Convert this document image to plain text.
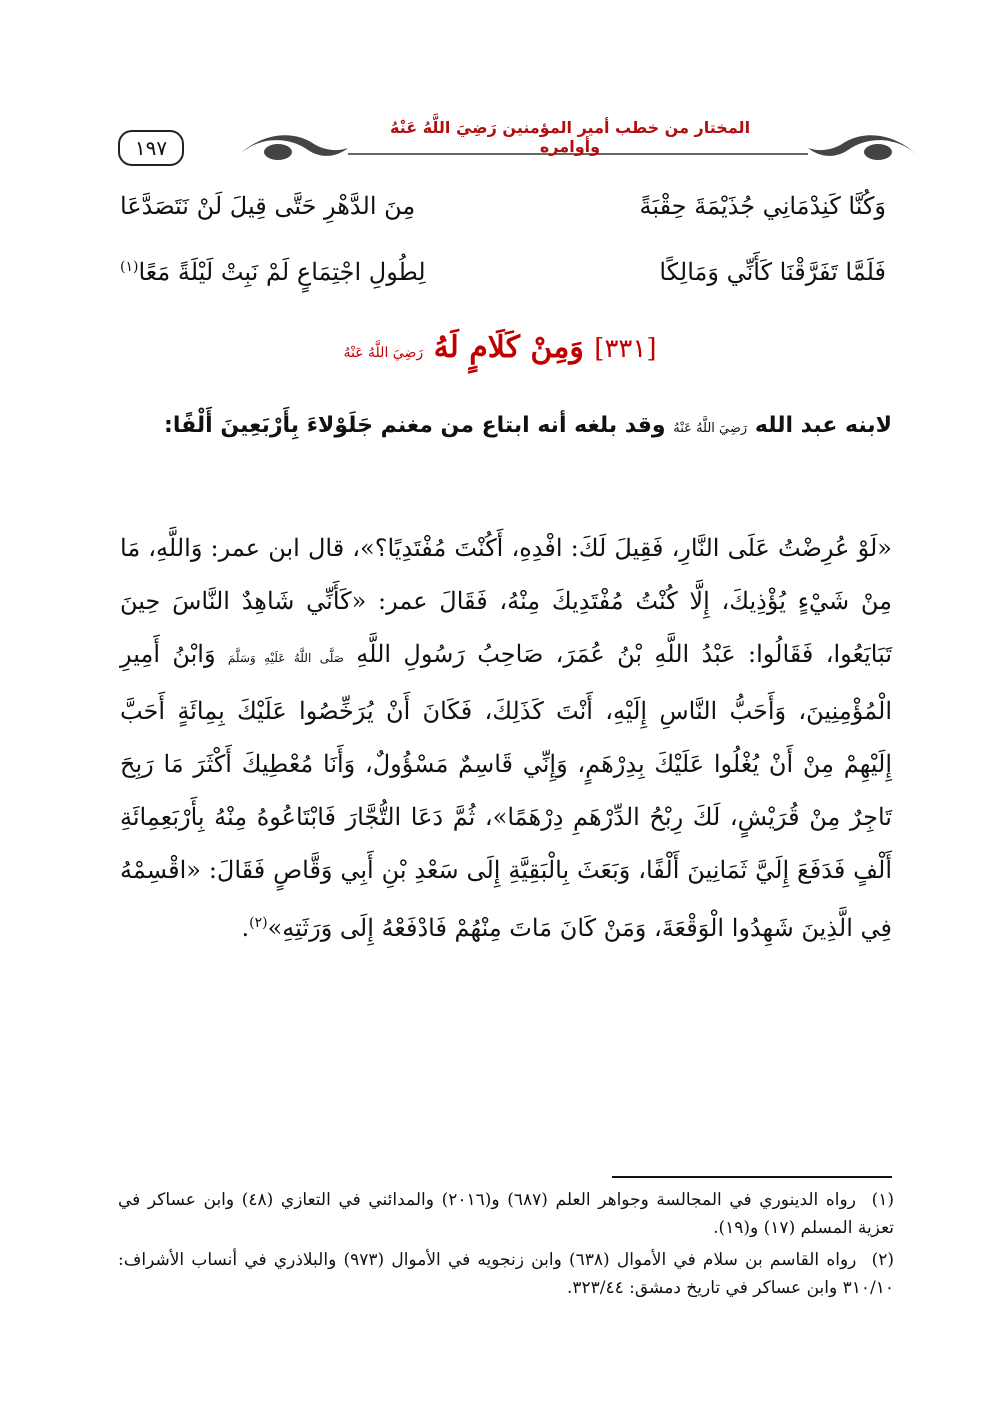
١٩٧
المختار من خطب أمير المؤمنين رَضِيَ اللَّهُ عَنْهُ وأوامره
وَكُنَّا كَنِدْمَانِي جُذَيْمَةَ حِقْبَةً
مِنَ الدَّهْرِ حَتَّى قِيلَ لَنْ نَتَصَدَّعَا
فَلَمَّا تَفَرَّقْنَا كَأَنِّي وَمَالِكًا
لِطُولِ اجْتِمَاعٍ لَمْ نَبِتْ لَيْلَةً مَعًا$^{(١)}$
[٣٣١] وَمِنْ كَلَامٍ لَهُ رَضِيَ اللَّهُ عَنْهُ
لابنه عبد الله رَضِيَ اللَّهُ عَنْهُ وقد بلغه أنه ابتاع من مغنم جَلَوْلاءَ بِأَرْبَعِينَ أَلْفًا:
«لَوْ عُرِضْتُ عَلَى النَّارِ، فَقِيلَ لَكَ: افْدِهِ، أَكُنْتَ مُفْتَدِيًا؟»، قال ابن عمر: وَاللَّهِ، مَا مِنْ شَيْءٍ يُؤْذِيكَ، إِلَّا كُنْتُ مُفْتَدِيكَ مِنْهُ، فَقَالَ عمر: «كَأَنِّي شَاهِدٌ النَّاسَ حِينَ تَبَايَعُوا، فَقَالُوا: عَبْدُ اللَّهِ بْنُ عُمَرَ، صَاحِبُ رَسُولِ اللَّهِ صَلَّى اللَّهُ عَلَيْهِ وَسَلَّمَ وَابْنُ أَمِيرِ الْمُؤْمِنِينَ، وَأَحَبُّ النَّاسِ إِلَيْهِ، أَنْتَ كَذَلِكَ، فَكَانَ أَنْ يُرَخِّصُوا عَلَيْكَ بِمِائَةٍ أَحَبَّ إِلَيْهِمْ مِنْ أَنْ يُغْلُوا عَلَيْكَ بِدِرْهَمٍ، وَإِنِّي قَاسِمٌ مَسْؤُولٌ، وَأَنَا مُعْطِيكَ أَكْثَرَ مَا رَبِحَ تَاجِرٌ مِنْ قُرَيْشٍ، لَكَ رِبْحُ الدِّرْهَمِ دِرْهَمًا»، ثُمَّ دَعَا التُّجَّارَ فَابْتَاعُوهُ مِنْهُ بِأَرْبَعِمِائَةِ أَلْفٍ فَدَفَعَ إِلَيَّ ثَمَانِينَ أَلْفًا، وَبَعَثَ بِالْبَقِيَّةِ إِلَى سَعْدِ بْنِ أَبِي وَقَّاصٍ فَقَالَ: «اقْسِمْهُ فِي الَّذِينَ شَهِدُوا الْوَقْعَةَ، وَمَنْ كَانَ مَاتَ مِنْهُمْ فَادْفَعْهُ إِلَى وَرَثَتِهِ»$^{(٢)}$.

(١) رواه الدينوري في المجالسة وجواهر العلم (٦٨٧) و(٢٠١٦) والمدائني في التعازي (٤٨) وابن عساكر في تعزية المسلم (١٧) و(١٩).

(٢) رواه القاسم بن سلام في الأموال (٦٣٨) وابن زنجويه في الأموال (٩٧٣) والبلاذري في أنساب الأشراف: ٣١٠/١٠ وابن عساكر في تاريخ دمشق: ٣٢٣/٤٤.
